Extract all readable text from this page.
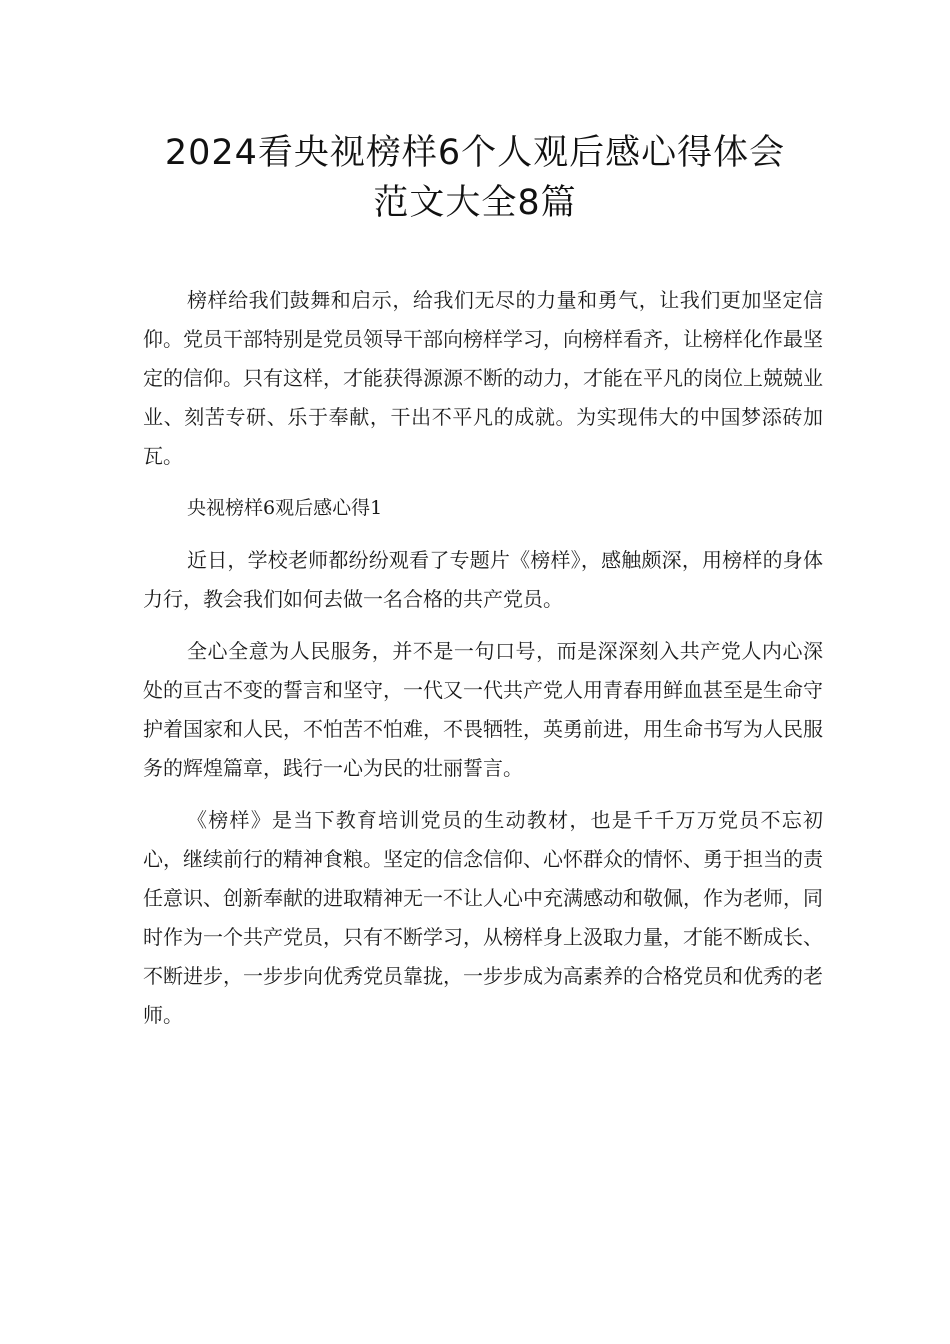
2024看央视榜样6个人观后感心得体会
范文大全8篇

榜样给我们鼓舞和启示，给我们无尽的力量和勇气，让我们更加坚定信仰。党员干部特别是党员领导干部向榜样学习，向榜样看齐，让榜样化作最坚定的信仰。只有这样，才能获得源源不断的动力，才能在平凡的岗位上兢兢业业、刻苦专研、乐于奉献，干出不平凡的成就。为实现伟大的中国梦添砖加瓦。

央视榜样6观后感心得1

近日，学校老师都纷纷观看了专题片《榜样》，感触颇深，用榜样的身体力行，教会我们如何去做一名合格的共产党员。

全心全意为人民服务，并不是一句口号，而是深深刻入共产党人内心深处的亘古不变的誓言和坚守，一代又一代共产党人用青春用鲜血甚至是生命守护着国家和人民，不怕苦不怕难，不畏牺牲，英勇前进，用生命书写为人民服务的辉煌篇章，践行一心为民的壮丽誓言。

《榜样》是当下教育培训党员的生动教材，也是千千万万党员不忘初心，继续前行的精神食粮。坚定的信念信仰、心怀群众的情怀、勇于担当的责任意识、创新奉献的进取精神无一不让人心中充满感动和敬佩，作为老师，同时作为一个共产党员，只有不断学习，从榜样身上汲取力量，才能不断成长、不断进步，一步步向优秀党员靠拢，一步步成为高素养的合格党员和优秀的老师。
